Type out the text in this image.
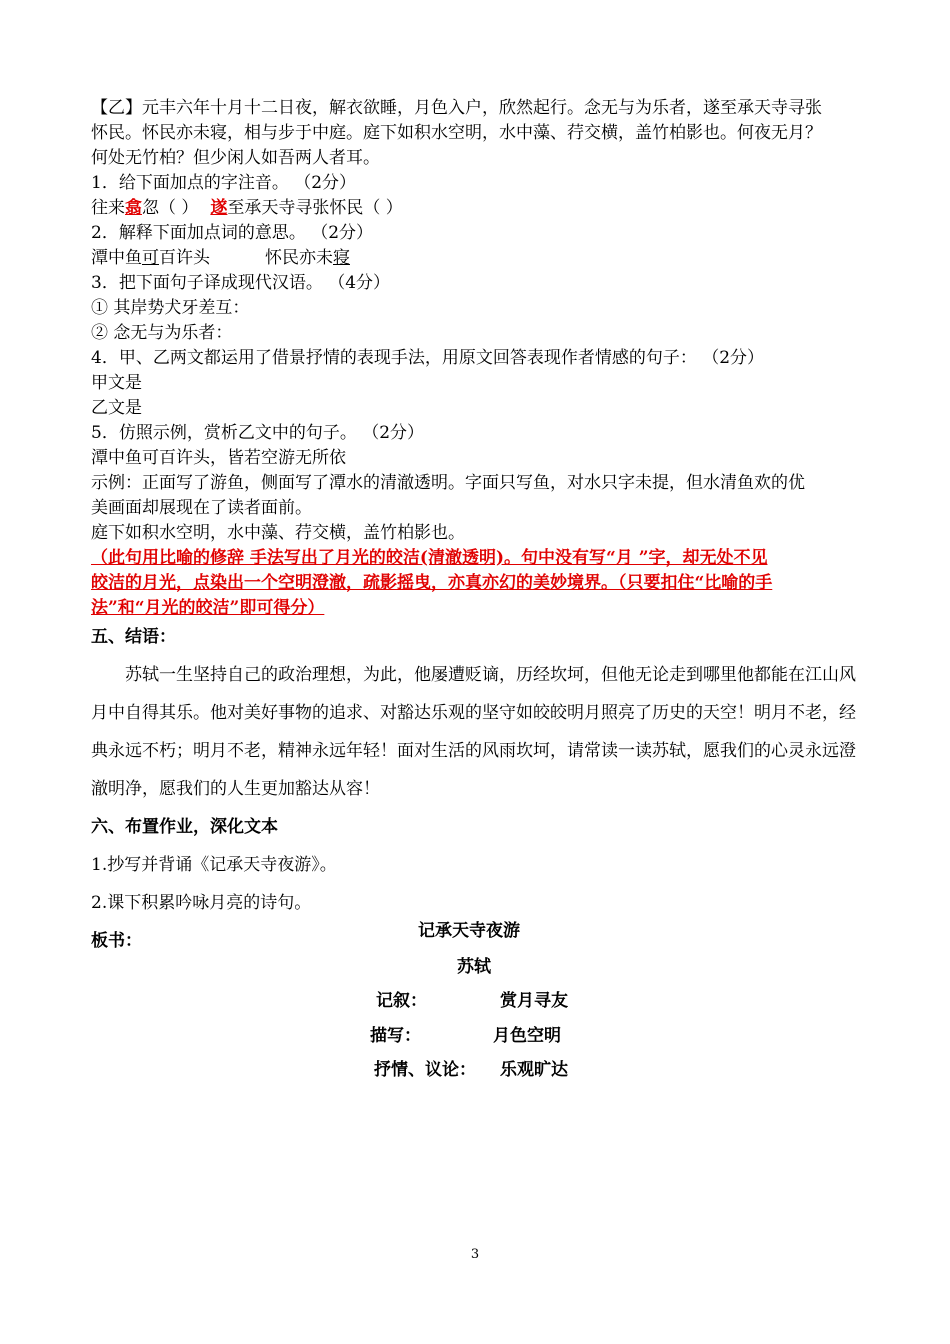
【乙】元丰六年十月十二日夜，解衣欲睡，月色入户，欣然起行。念无与为乐者，遂至承天寺寻张
怀民。怀民亦未寝，相与步于中庭。庭下如积水空明，水中藻、荇交横，盖竹柏影也。何夜无月？
何处无竹柏？但少闲人如吾两人者耳。
1．给下面加点的字注音。 （2分）
往来翕忽（ ） 遂至承天寺寻张怀民（ ）
2．解释下面加点词的意思。 （2分）
潭中鱼可百许头	怀民亦未寝
3．把下面句子译成现代汉语。 （4分）
① 其岸势犬牙差互：
② 念无与为乐者：
4．甲、乙两文都运用了借景抒情的表现手法，用原文回答表现作者情感的句子： （2分）
甲文是
乙文是
5．仿照示例，赏析乙文中的句子。 （2分）
潭中鱼可百许头，皆若空游无所依
示例：正面写了游鱼，侧面写了潭水的清澈透明。字面只写鱼，对水只字未提，但水清鱼欢的优
美画面却展现在了读者面前。
庭下如积水空明，水中藻、荇交横，盖竹柏影也。
（此句用比喻的修辞 手法写出了月光的皎洁(清澈透明)。句中没有写“月 ”字，却无处不见
皎洁的月光，点染出一个空明澄澈，疏影摇曳，亦真亦幻的美妙境界。（只要扣住“比喻的手
法”和“月光的皎洁”即可得分）
五、结语：
苏轼一生坚持自己的政治理想，为此，他屡遭贬谪，历经坎坷，但他无论走到哪里他都能在江山风月中自得其乐。他对美好事物的追求、对豁达乐观的坚守如皎皎明月照亮了历史的天空！明月不老，经典永远不朽；明月不老，精神永远年轻！面对生活的风雨坎坷，请常读一读苏轼，愿我们的心灵永远澄澈明净，愿我们的人生更加豁达从容！
六、布置作业，深化文本
1.抄写并背诵《记承天寺夜游》。
2.课下积累吟咏月亮的诗句。
板书：	记承天寺夜游
苏轼
记叙：	赏月寻友
描写：	月色空明
抒情、议论： 乐观旷达
3
